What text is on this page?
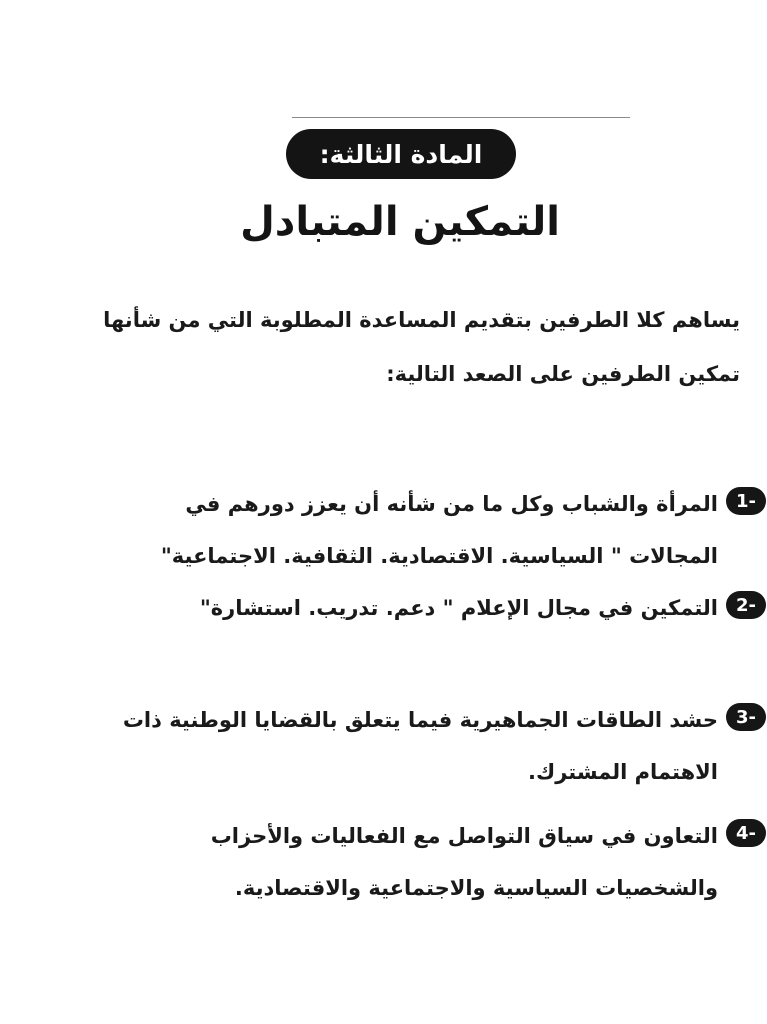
المادة الثالثة:
التمكين المتبادل
يساهم كلا الطرفين بتقديم المساعدة المطلوبة التي من شأنها
تمكين الطرفين على الصعد التالية:
1-
المرأة والشباب وكل ما من شأنه أن يعزز دورهم في
المجالات " السياسية. الاقتصادية. الثقافية. الاجتماعية"
2-
التمكين في مجال الإعلام " دعم. تدريب. استشارة"
3-
حشد الطاقات الجماهيرية فيما يتعلق بالقضايا الوطنية ذات
الاهتمام المشترك.
4-
التعاون في سياق التواصل مع الفعاليات والأحزاب
والشخصيات السياسية والاجتماعية والاقتصادية.
